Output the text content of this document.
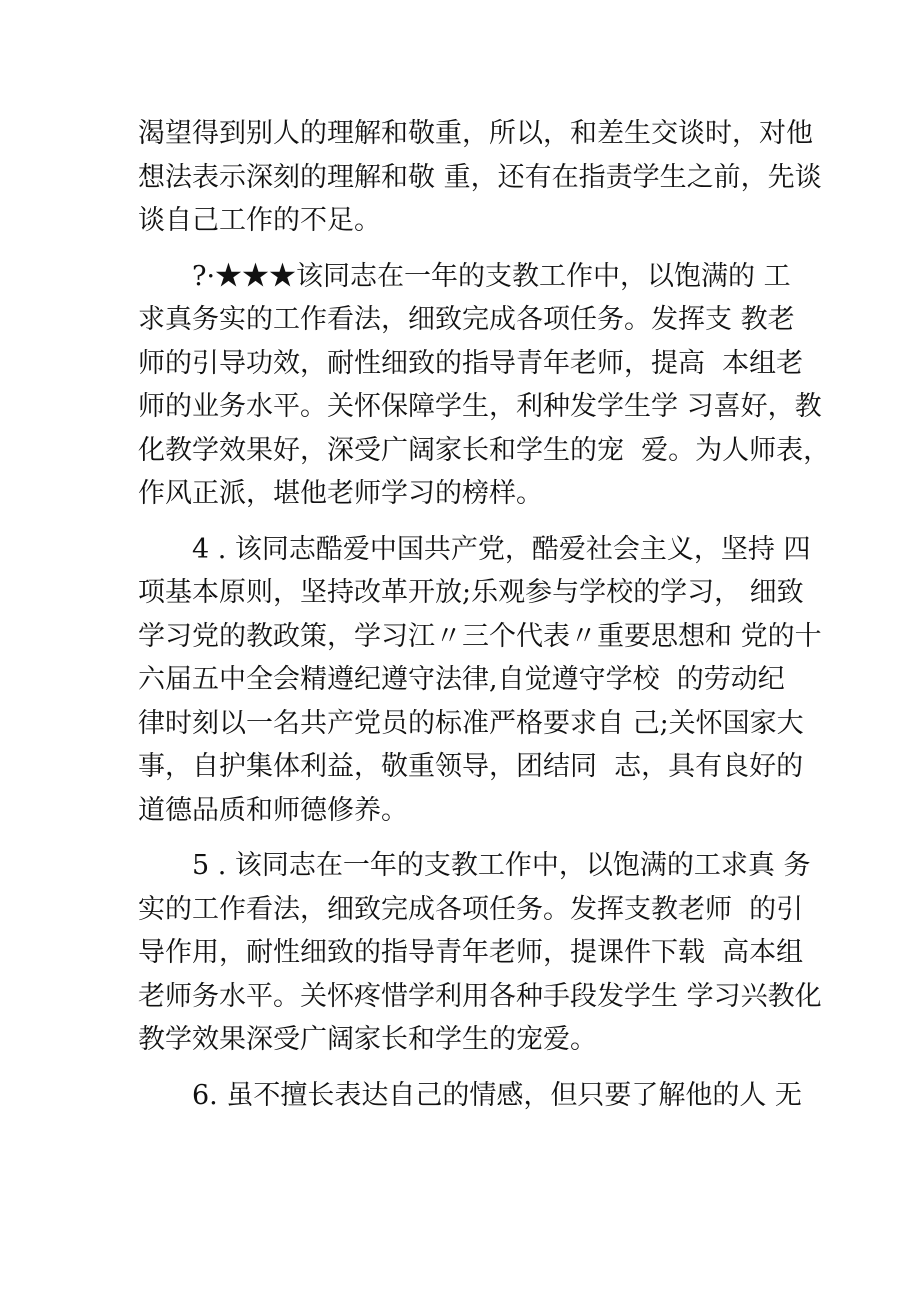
渴望得到别人的理解和敬重，所以，和差生交谈时，对他
想法表示深刻的理解和敬 重，还有在指责学生之前，先谈
谈自己工作的不足。
?·★★★该同志在一年的支教工作中，以饱满的 工
求真务实的工作看法，细致完成各项任务。发挥支 教老
师的引导功效，耐性细致的指导青年老师，提高  本组老
师的业务水平。关怀保障学生，利种发学生学 习喜好，教
化教学效果好，深受广阔家长和学生的宠  爱。为人师表，
作风正派，堪他老师学习的榜样。
4 . 该同志酷爱中国共产党，酷爱社会主义，坚持 四
项基本原则，坚持改革开放;乐观参与学校的学习， 细致
学习党的教政策，学习江〃三个代表〃重要思想和 党的十
六届五中全会精遵纪遵守法律,自觉遵守学校  的劳动纪
律时刻以一名共产党员的标准严格要求自 己;关怀国家大
事，自护集体利益，敬重领导，团结同  志，具有良好的
道德品质和师德修养。
5 . 该同志在一年的支教工作中，以饱满的工求真 务
实的工作看法，细致完成各项任务。发挥支教老师  的引
导作用，耐性细致的指导青年老师，提课件下载  高本组
老师务水平。关怀疼惜学利用各种手段发学生 学习兴教化
教学效果深受广阔家长和学生的宠爱。
6. 虽不擅长表达自己的情感，但只要了解他的人 无
